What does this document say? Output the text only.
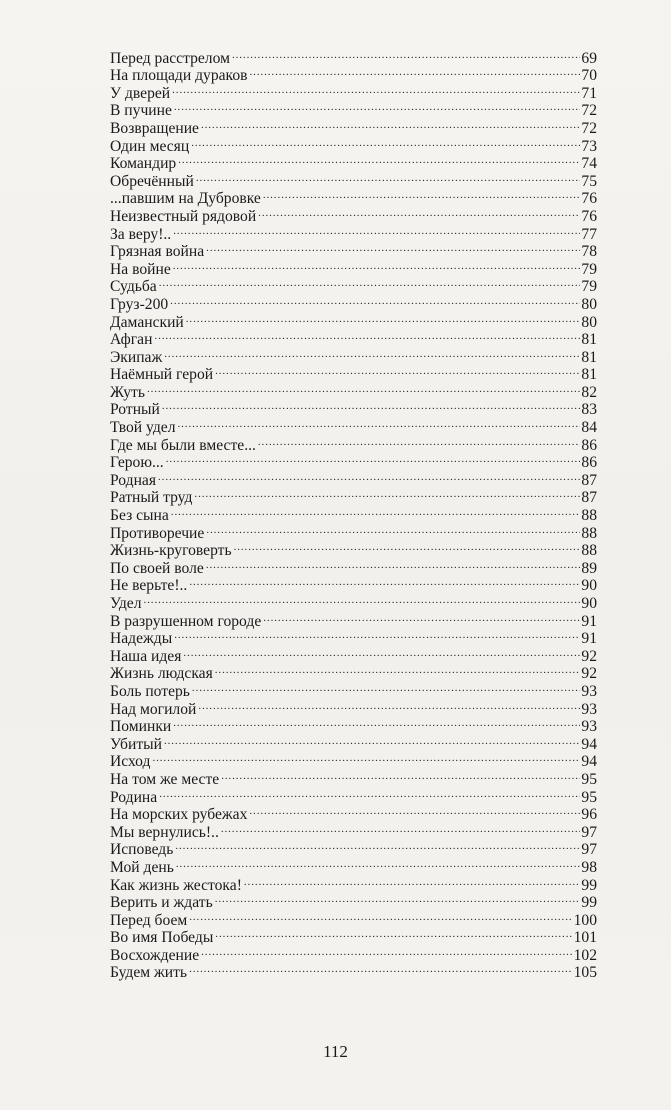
Перед расстрелом .....	69
На площади дураков .....	70
У дверей .....	71
В пучине .....	72
Возвращение .....	72
Один месяц .....	73
Командир .....	74
Обречённый .....	75
...павшим на Дубровке .....	76
Неизвестный рядовой .....	76
За веру!.. .....	77
Грязная война .....	78
На войне .....	79
Судьба .....	79
Груз-200 .....	80
Даманский .....	80
Афган .....	81
Экипаж .....	81
Наёмный герой .....	81
Жуть .....	82
Ротный .....	83
Твой удел .....	84
Где мы были вместе... .....	86
Герою... .....	86
Родная .....	87
Ратный труд .....	87
Без сына .....	88
Противоречие .....	88
Жизнь-круговерть .....	88
По своей воле .....	89
Не верьте!.. .....	90
Удел .....	90
В разрушенном городе .....	91
Надежды .....	91
Наша идея .....	92
Жизнь людская .....	92
Боль потерь .....	93
Над могилой .....	93
Поминки .....	93
Убитый .....	94
Исход .....	94
На том же месте .....	95
Родина .....	95
На морских рубежах .....	96
Мы вернулись!.. .....	97
Исповедь .....	97
Мой день .....	98
Как жизнь жестока! .....	99
Верить и ждать .....	99
Перед боем .....	100
Во имя Победы .....	101
Восхождение .....	102
Будем жить .....	105
112
